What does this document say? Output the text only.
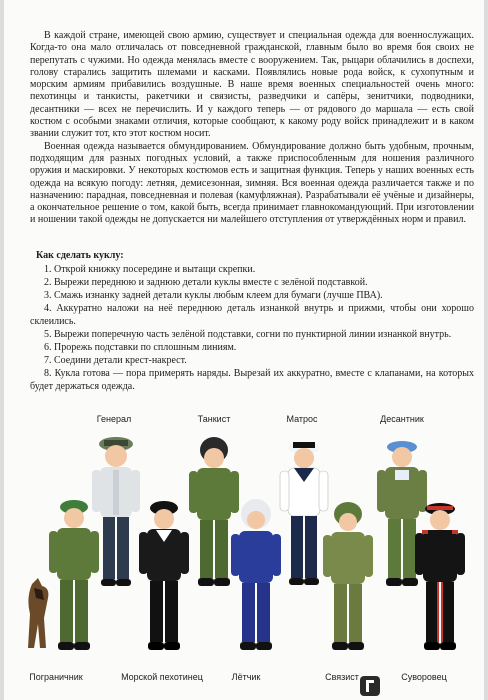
В каждой стране, имеющей свою армию, существует и специальная одежда для военнослужащих. Когда-то она мало отличалась от повседневной гражданской, главным было во время боя своих не перепутать с чужими. Но одежда менялась вместе с вооружением. Так, рыцари облачились в доспехи, голову старались защитить шлемами и касками. Появлялись новые рода войск, к сухопутным и морским армиям прибавились воздушные. В наше время военных специальностей очень много: пехотинцы и танкисты, ракетчики и связисты, разведчики и сапёры, зенитчики, подводники, десантники — всех не перечислить. И у каждого теперь — от рядового до маршала — есть свой костюм с особыми знаками отличия, которые сообщают, к какому роду войск принадлежит и в каком звании служит тот, кто этот костюм носит.

Военная одежда называется обмундированием. Обмундирование должно быть удобным, прочным, подходящим для разных погодных условий, а также приспособленным для ношения различного оружия и маскировки. У некоторых костюмов есть и защитная функция. Теперь у наших военных есть одежда на всякую погоду: летняя, демисезонная, зимняя. Вся военная одежда различается также и по назначению: парадная, повседневная и полевая (камуфляжная). Разрабатывали её учёные и дизайнеры, а окончательное решение о том, какой быть, всегда принимает главнокомандующий. При изготовлении и ношении такой одежды не допускается ни малейшего отступления от утверждённых норм и правил.

Как сделать куклу:
1. Открой книжку посередине и вытащи скрепки.
2. Вырежи переднюю и заднюю детали куклы вместе с зелёной подставкой.
3. Смажь изнанку задней детали куклы любым клеем для бумаги (лучше ПВА).
4. Аккуратно наложи на неё переднюю деталь изнанкой внутрь и прижми, чтобы они хорошо склеились.
5. Вырежи поперечную часть зелёной подставки, согни по пунктирной линии изнанкой внутрь.
6. Прорежь подставки по сплошным линиям.
7. Соедини детали крест-накрест.
8. Кукла готова — пора примерять наряды. Вырезай их аккуратно, вместе с клапанами, на которых будет держаться одежда.
Генерал	Танкист	Матрос	Десантник
Пограничник	Морской пехотинец	Лётчик	Связист	Суворовец
